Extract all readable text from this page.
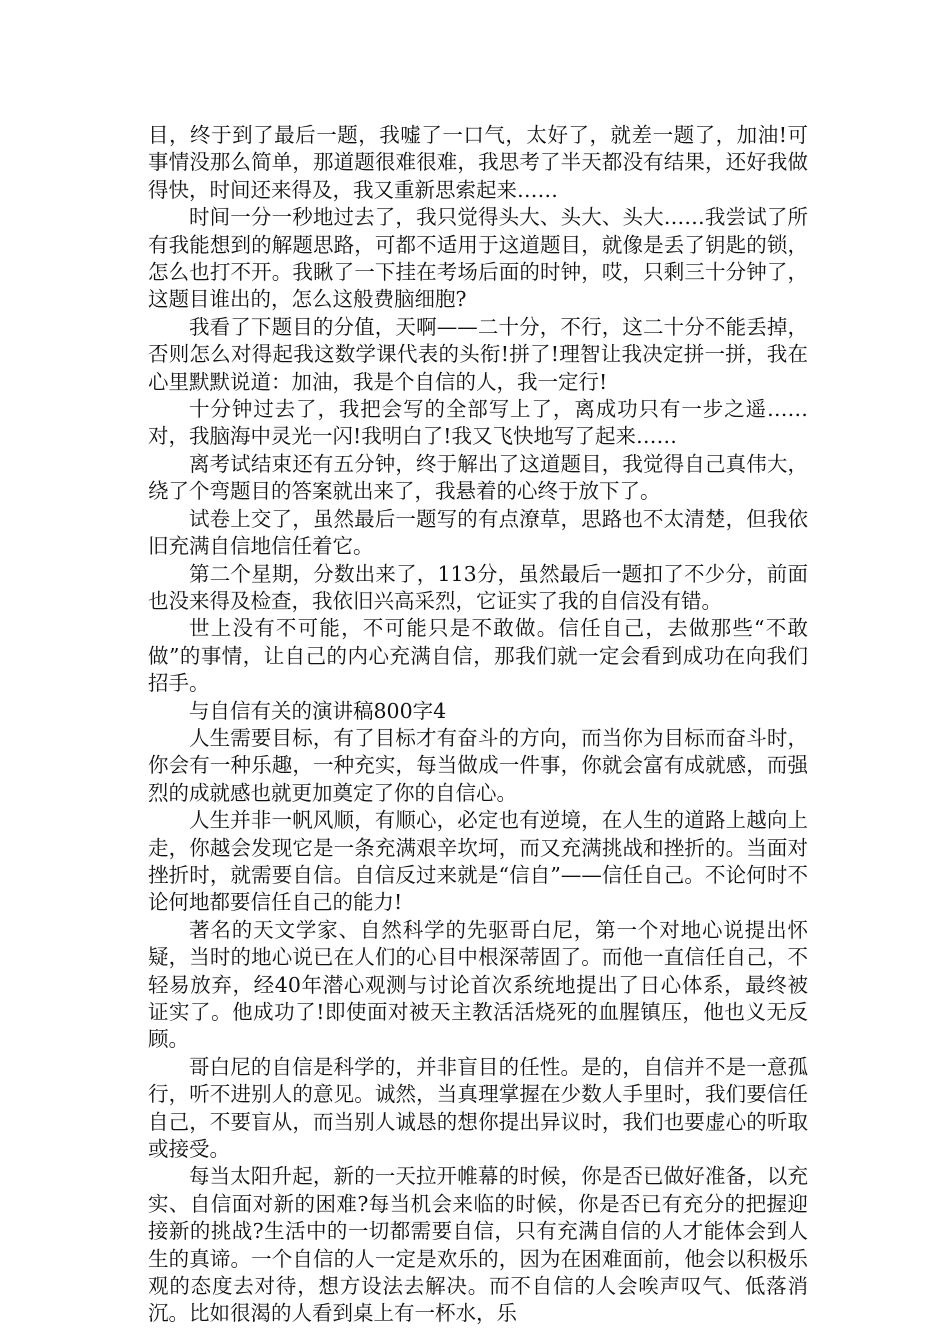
目，终于到了最后一题，我嘘了一口气，太好了，就差一题了，加油!可事情没那么简单，那道题很难很难，我思考了半天都没有结果，还好我做得快，时间还来得及，我又重新思索起来……

时间一分一秒地过去了，我只觉得头大、头大、头大……我尝试了所有我能想到的解题思路，可都不适用于这道题目，就像是丢了钥匙的锁，怎么也打不开。我瞅了一下挂在考场后面的时钟，哎，只剩三十分钟了，这题目谁出的，怎么这般费脑细胞?

我看了下题目的分值，天啊——二十分，不行，这二十分不能丢掉，否则怎么对得起我这数学课代表的头衔!拼了!理智让我决定拼一拼，我在心里默默说道：加油，我是个自信的人，我一定行!

十分钟过去了，我把会写的全部写上了，离成功只有一步之遥……对，我脑海中灵光一闪!我明白了!我又飞快地写了起来……

离考试结束还有五分钟，终于解出了这道题目，我觉得自己真伟大，绕了个弯题目的答案就出来了，我悬着的心终于放下了。

试卷上交了，虽然最后一题写的有点潦草，思路也不太清楚，但我依旧充满自信地信任着它。

第二个星期，分数出来了，113分，虽然最后一题扣了不少分，前面也没来得及检查，我依旧兴高采烈，它证实了我的自信没有错。

世上没有不可能，不可能只是不敢做。信任自己，去做那些“不敢做”的事情，让自己的内心充满自信，那我们就一定会看到成功在向我们招手。

与自信有关的演讲稿800字4

人生需要目标，有了目标才有奋斗的方向，而当你为目标而奋斗时，你会有一种乐趣，一种充实，每当做成一件事，你就会富有成就感，而强烈的成就感也就更加奠定了你的自信心。

人生并非一帆风顺，有顺心，必定也有逆境，在人生的道路上越向上走，你越会发现它是一条充满艰辛坎坷，而又充满挑战和挫折的。当面对挫折时，就需要自信。自信反过来就是“信自”——信任自己。不论何时不论何地都要信任自己的能力!

著名的天文学家、自然科学的先驱哥白尼，第一个对地心说提出怀疑，当时的地心说已在人们的心目中根深蒂固了。而他一直信任自己，不轻易放弃，经40年潜心观测与讨论首次系统地提出了日心体系，最终被证实了。他成功了!即使面对被天主教活活烧死的血腥镇压，他也义无反顾。

哥白尼的自信是科学的，并非盲目的任性。是的，自信并不是一意孤行，听不进别人的意见。诚然，当真理掌握在少数人手里时，我们要信任自己，不要盲从，而当别人诚恳的想你提出异议时，我们也要虚心的听取或接受。

每当太阳升起，新的一天拉开帷幕的时候，你是否已做好准备，以充实、自信面对新的困难?每当机会来临的时候，你是否已有充分的把握迎接新的挑战?生活中的一切都需要自信，只有充满自信的人才能体会到人生的真谛。一个自信的人一定是欢乐的，因为在困难面前，他会以积极乐观的态度去对待，想方设法去解决。而不自信的人会唉声叹气、低落消沉。比如很渴的人看到桌上有一杯水，乐
